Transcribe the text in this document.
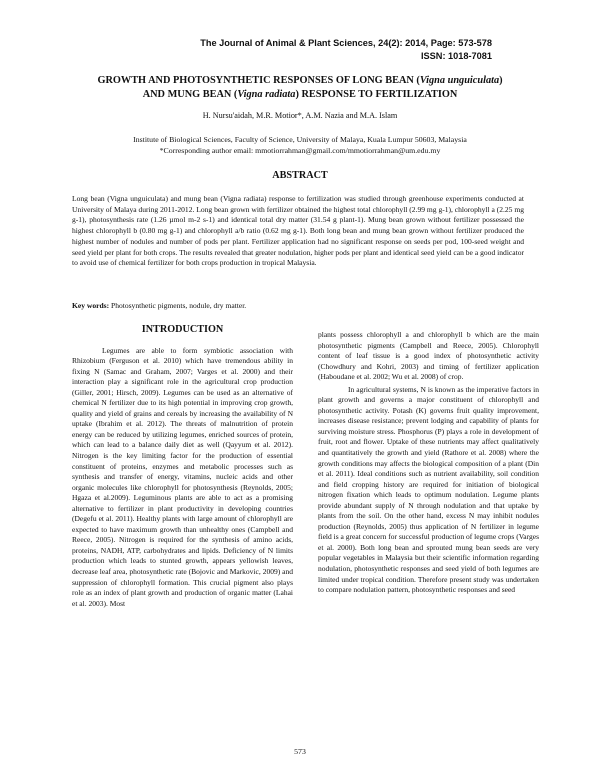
The Journal of Animal & Plant Sciences, 24(2): 2014, Page: 573-578
ISSN: 1018-7081
GROWTH AND PHOTOSYNTHETIC RESPONSES OF LONG BEAN (Vigna unguiculata)
AND MUNG BEAN (Vigna radiata) RESPONSE TO FERTILIZATION
H. Nursu'aidah, M.R. Motior*, A.M. Nazia and M.A. Islam
Institute of Biological Sciences, Faculty of Science, University of Malaya, Kuala Lumpur 50603, Malaysia
*Corresponding author email: mmotiorrahman@gmail.com/mmotiorrahman@um.edu.my
ABSTRACT

Long bean (Vigna unguiculata) and mung bean (Vigna radiata) response to fertilization was studied through greenhouse experiments conducted at University of Malaya during 2011-2012. Long bean grown with fertilizer obtained the highest total chlorophyll (2.99 mg g-1), chlorophyll a (2.25 mg g-1), photosynthesis rate (1.26 µmol m-2 s-1) and identical total dry matter (31.54 g plant-1). Mung bean grown without fertilizer possessed the highest chlorophyll b (0.80 mg g-1) and chlorophyll a/b ratio (0.62 mg g-1). Both long bean and mung bean grown without fertilizer produced the highest number of nodules and number of pods per plant. Fertilizer application had no significant response on seeds per pod, 100-seed weight and seed yield per plant for both crops. The results revealed that greater nodulation, higher pods per plant and identical seed yield can be a good indicator to avoid use of chemical fertilizer for both crops production in tropical Malaysia.

Key words: Photosynthetic pigments, nodule, dry matter.
INTRODUCTION

Legumes are able to form symbiotic association with Rhizobium (Ferguson et al. 2010) which have tremendous ability in fixing N (Samac and Graham, 2007; Varges et al. 2000) and their interaction play a significant role in the agricultural crop production (Giller, 2001; Hirsch, 2009). Legumes can be used as an alternative of chemical N fertilizer due to its high potential in improving crop growth, quality and yield of grains and cereals by increasing the availability of N uptake (Ibrahim et al. 2012). The threats of malnutrition of protein energy can be reduced by utilizing legumes, enriched sources of protein, which can lead to a balance daily diet as well (Qayyum et al. 2012). Nitrogen is the key limiting factor for the production of essential constituent of proteins, enzymes and metabolic processes such as synthesis and transfer of energy, vitamins, nucleic acids and other organic molecules like chlorophyll for photosynthesis (Reynolds, 2005; Hgaza et al.2009). Leguminous plants are able to act as a promising alternative to fertilizer in plant productivity in developing countries (Degefu et al. 2011). Healthy plants with large amount of chlorophyll are expected to have maximum growth than unhealthy ones (Campbell and Reece, 2005). Nitrogen is required for the synthesis of amino acids, proteins, NADH, ATP, carbohydrates and lipids. Deficiency of N limits production which leads to stunted growth, appears yellowish leaves, decrease leaf area, photosynthetic rate (Bojovic and Markovic, 2009) and suppression of chlorophyll formation. This crucial pigment also plays role as an index of plant growth and production of organic matter (Lahai et al. 2003). Most

plants possess chlorophyll a and chlorophyll b which are the main photosynthetic pigments (Campbell and Reece, 2005). Chlorophyll content of leaf tissue is a good index of photosynthetic activity (Chowdhury and Kohri, 2003) and timing of fertilizer application (Haboudane et al. 2002; Wu et al. 2008) of crop.

In agricultural systems, N is known as the imperative factors in plant growth and governs a major constituent of chlorophyll and photosynthetic activity. Potash (K) governs fruit quality improvement, increases disease resistance; prevent lodging and capability of plants for surviving moisture stress. Phosphorus (P) plays a role in development of fruit, root and flower. Uptake of these nutrients may affect qualitatively and quantitatively the growth and yield (Rathore et al. 2008) where the growth conditions may affects the biological composition of a plant (Din et al. 2011). Ideal conditions such as nutrient availability, soil condition and field cropping history are required for initiation of biological nitrogen fixation which leads to optimum nodulation. Legume plants provide abundant supply of N through nodulation and that uptake by plants from the soil. On the other hand, excess N may inhibit nodules production (Reynolds, 2005) thus application of N fertilizer in legume field is a great concern for successful production of legume crops (Varges et al. 2000). Both long bean and sprouted mung bean seeds are very popular vegetables in Malaysia but their scientific information regarding nodulation, photosynthetic responses and seed yield of both legumes are limited under tropical condition. Therefore present study was undertaken to compare nodulation pattern, photosynthetic responses and seed

573
